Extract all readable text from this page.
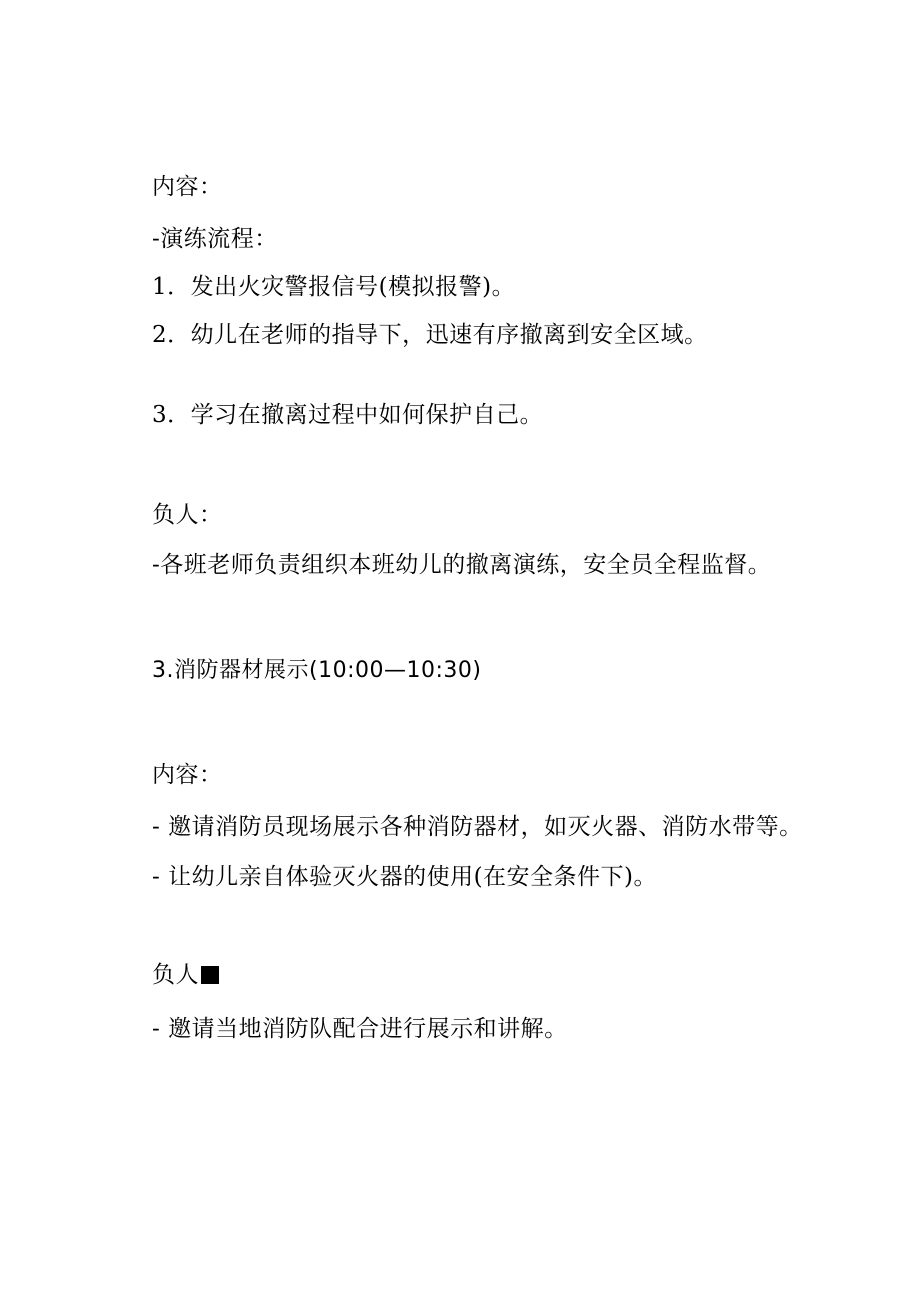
内容：
-演练流程：
1．发出火灾警报信号(模拟报警)。
2．幼儿在老师的指导下，迅速有序撤离到安全区域。
3．学习在撤离过程中如何保护自己。
负人：
-各班老师负责组织本班幼儿的撤离演练，安全员全程监督。
3.消防器材展示(10:00—10:30)
内容：
- 邀请消防员现场展示各种消防器材，如灭火器、消防水带等。
- 让幼儿亲自体验灭火器的使用(在安全条件下)。
负人
- 邀请当地消防队配合进行展示和讲解。
